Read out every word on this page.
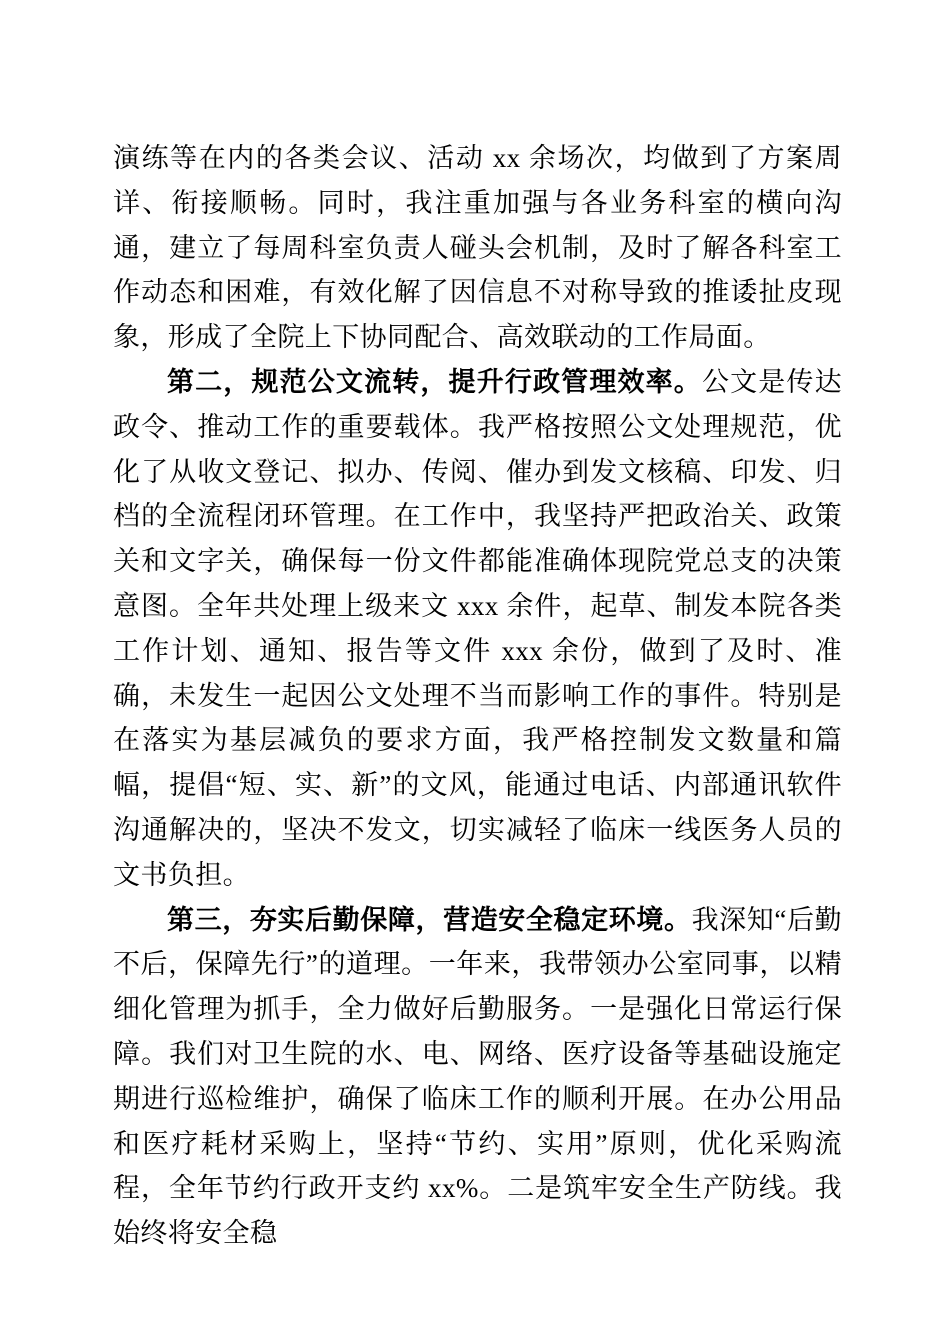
演练等在内的各类会议、活动 xx 余场次，均做到了方案周详、衔接顺畅。同时，我注重加强与各业务科室的横向沟通，建立了每周科室负责人碰头会机制，及时了解各科室工作动态和困难，有效化解了因信息不对称导致的推诿扯皮现象，形成了全院上下协同配合、高效联动的工作局面。

第二，规范公文流转，提升行政管理效率。公文是传达政令、推动工作的重要载体。我严格按照公文处理规范，优化了从收文登记、拟办、传阅、催办到发文核稿、印发、归档的全流程闭环管理。在工作中，我坚持严把政治关、政策关和文字关，确保每一份文件都能准确体现院党总支的决策意图。全年共处理上级来文 xxx 余件，起草、制发本院各类工作计划、通知、报告等文件 xxx 余份，做到了及时、准确，未发生一起因公文处理不当而影响工作的事件。特别是在落实为基层减负的要求方面，我严格控制发文数量和篇幅，提倡“短、实、新”的文风，能通过电话、内部通讯软件沟通解决的，坚决不发文，切实减轻了临床一线医务人员的文书负担。

第三，夯实后勤保障，营造安全稳定环境。我深知“后勤不后，保障先行”的道理。一年来，我带领办公室同事，以精细化管理为抓手，全力做好后勤服务。一是强化日常运行保障。我们对卫生院的水、电、网络、医疗设备等基础设施定期进行巡检维护，确保了临床工作的顺利开展。在办公用品和医疗耗材采购上，坚持“节约、实用”原则，优化采购流程，全年节约行政开支约 xx%。二是筑牢安全生产防线。我始终将安全稳
